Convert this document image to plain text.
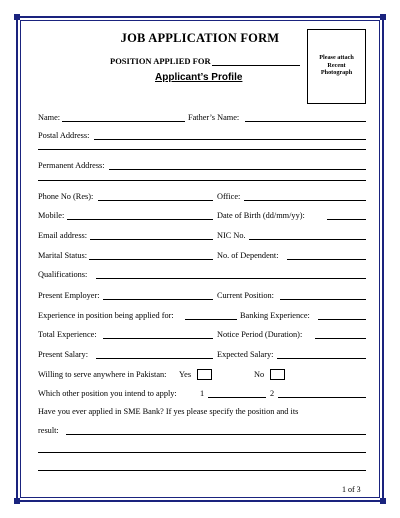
JOB APPLICATION FORM
POSITION APPLIED FOR
Applicant’s Profile
Please attach
Recent
Photograph
Name:	Father’s Name:
Postal Address:
Permanent Address:
Phone No (Res):	Office:
Mobile:	Date of Birth (dd/mm/yy):
Email address:	NIC No.
Marital Status:	No. of Dependent:
Qualifications:
Present Employer:	Current Position:
Experience in position being applied for:	Banking Experience:
Total Experience:	Notice Period (Duration):
Present Salary:	Expected Salary:
Willing to serve anywhere in Pakistan: Yes	No
Which other position you intend to apply:	1	2
Have you ever applied in SME Bank? If yes please specify the position and its
result:
1 of 3
